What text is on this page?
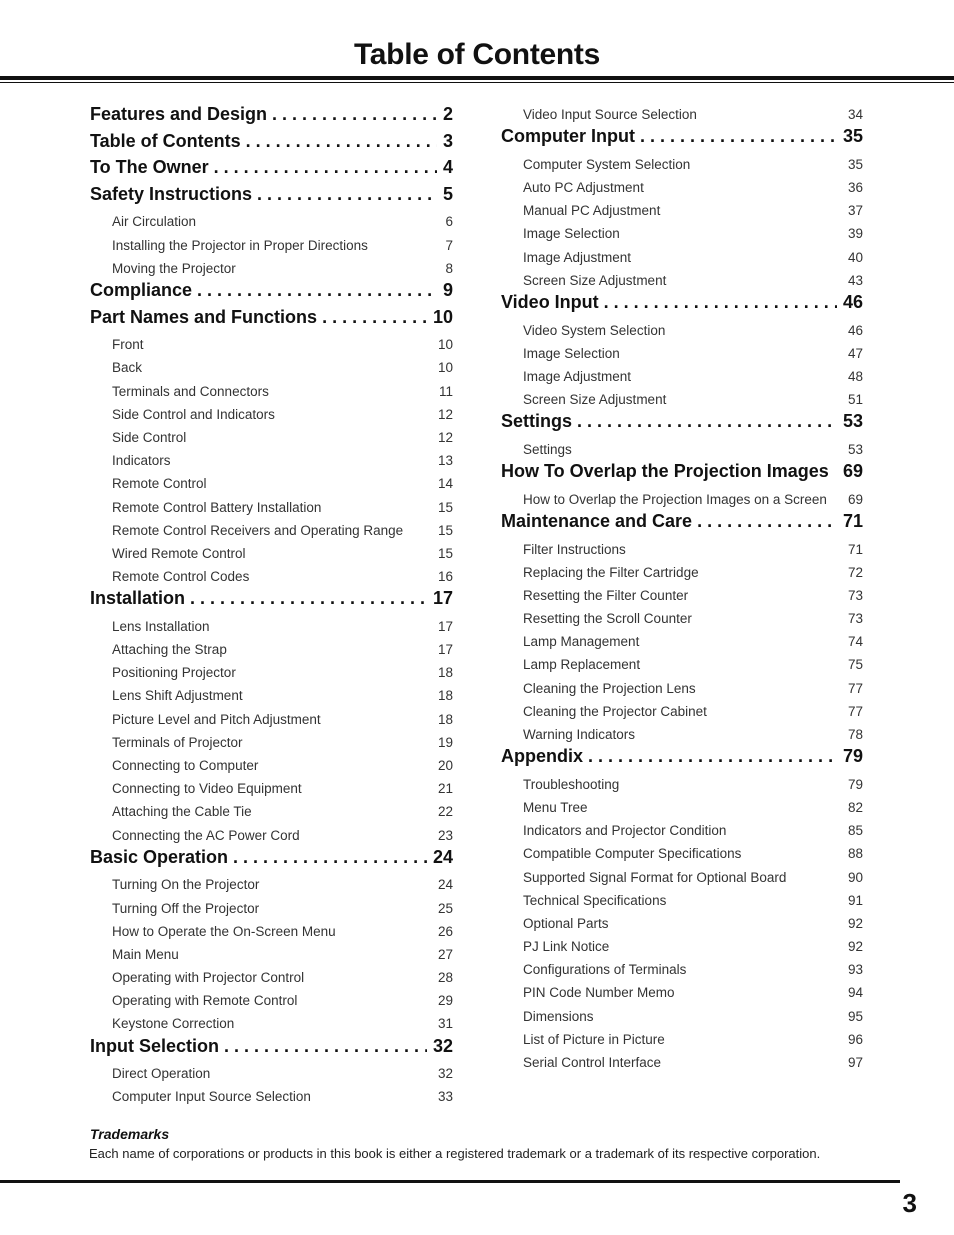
Table of Contents
Features and Design . . .	2
Table of Contents . . .	3
To The Owner . . .	4
Safety Instructions . . .	5
Air Circulation	6
Installing the Projector in Proper Directions	7
Moving the Projector	8
Compliance . . .	9
Part Names and Functions . . .	10
Front	10
Back	10
Terminals and Connectors	11
Side Control and Indicators	12
Side Control	12
Indicators	13
Remote Control	14
Remote Control Battery Installation	15
Remote Control Receivers and Operating Range	15
Wired Remote Control	15
Remote Control Codes	16
Installation . . .	17
Lens Installation	17
Attaching the Strap	17
Positioning Projector	18
Lens Shift Adjustment	18
Picture Level and Pitch Adjustment	18
Terminals of Projector	19
Connecting to Computer	20
Connecting to Video Equipment	21
Attaching the Cable Tie	22
Connecting the AC Power Cord	23
Basic Operation . . .	24
Turning On the Projector	24
Turning Off the Projector	25
How to Operate the On-Screen Menu	26
Main Menu	27
Operating with Projector Control	28
Operating with Remote Control	29
Keystone Correction	31
Input Selection . . .	32
Direct Operation	32
Computer Input Source Selection	33
Video Input Source Selection	34
Computer Input . . .	35
Computer System Selection	35
Auto PC Adjustment	36
Manual PC Adjustment	37
Image Selection	39
Image Adjustment	40
Screen Size Adjustment	43
Video Input . . .	46
Video System Selection	46
Image Selection	47
Image Adjustment	48
Screen Size Adjustment	51
Settings . . .	53
Settings	53
How To Overlap the Projection Images 69
How to Overlap the Projection Images on a Screen	69
Maintenance and Care . . .	71
Filter Instructions	71
Replacing the Filter Cartridge	72
Resetting the Filter Counter	73
Resetting the Scroll Counter	73
Lamp Management	74
Lamp Replacement	75
Cleaning the Projection Lens	77
Cleaning the Projector Cabinet	77
Warning Indicators	78
Appendix . . .	79
Troubleshooting	79
Menu Tree	82
Indicators and Projector Condition	85
Compatible Computer Specifications	88
Supported Signal Format for Optional Board	90
Technical Specifications	91
Optional Parts	92
PJ Link Notice	92
Configurations of Terminals	93
PIN Code Number Memo	94
Dimensions	95
List of Picture in Picture	96
Serial Control Interface	97
Trademarks
Each name of corporations or products in this book is either a registered trademark or a trademark of its respective corporation.
3
